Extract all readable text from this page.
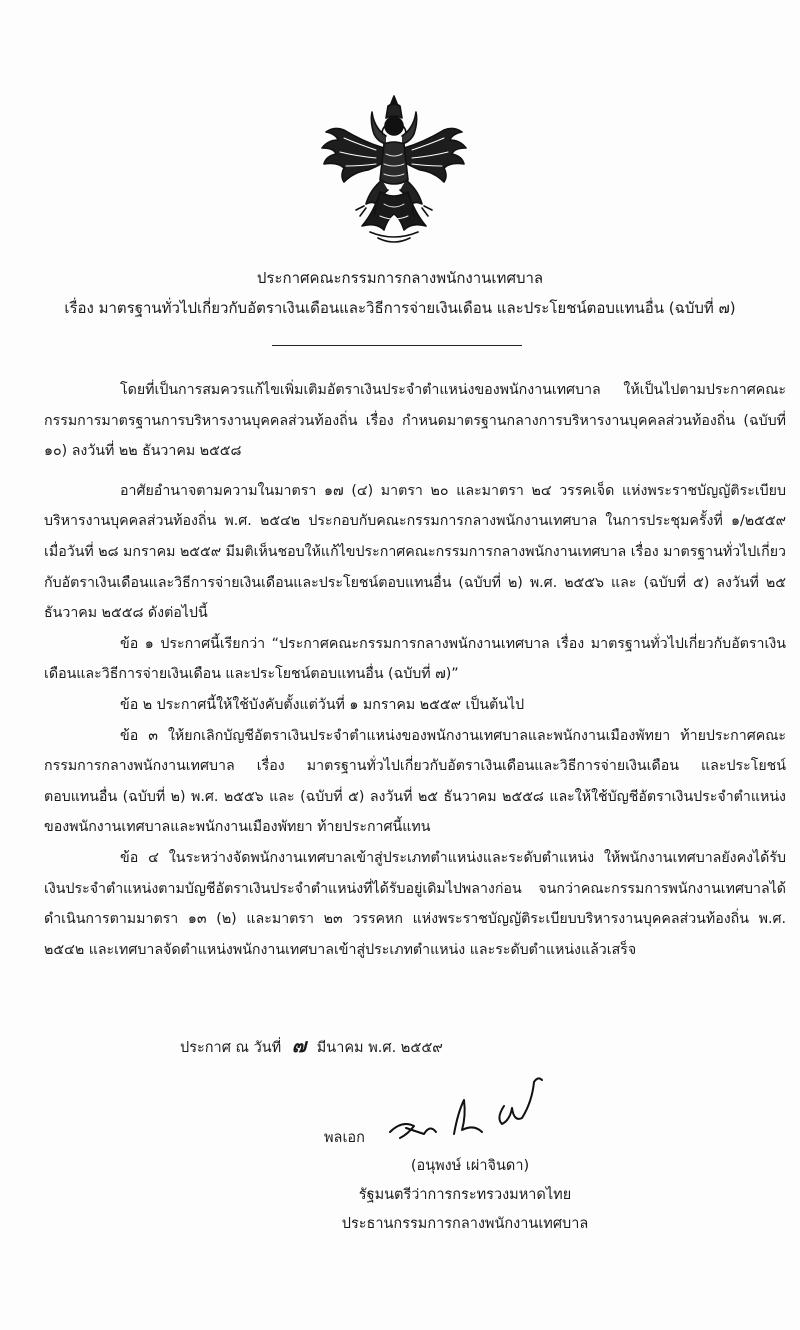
ประกาศคณะกรรมการกลางพนักงานเทศบาล
เรื่อง มาตรฐานทั่วไปเกี่ยวกับอัตราเงินเดือนและวิธีการจ่ายเงินเดือน และประโยชน์ตอบแทนอื่น (ฉบับที่ ๗)

โดยที่เป็นการสมควรแก้ไขเพิ่มเติมอัตราเงินประจำตำแหน่งของพนักงานเทศบาล ให้เป็นไปตามประกาศคณะกรรมการมาตรฐานการบริหารงานบุคคลส่วนท้องถิ่น เรื่อง กำหนดมาตรฐานกลางการบริหารงานบุคคลส่วนท้องถิ่น (ฉบับที่ ๑๐) ลงวันที่ ๒๒ ธันวาคม ๒๕๕๘

อาศัยอำนาจตามความในมาตรา ๑๗ (๔) มาตรา ๒๐ และมาตรา ๒๔ วรรคเจ็ด แห่งพระราชบัญญัติระเบียบบริหารงานบุคคลส่วนท้องถิ่น พ.ศ. ๒๕๔๒ ประกอบกับคณะกรรมการกลางพนักงานเทศบาล ในการประชุมครั้งที่ ๑/๒๕๕๙ เมื่อวันที่ ๒๘ มกราคม ๒๕๕๙ มีมติเห็นชอบให้แก้ไขประกาศคณะกรรมการกลางพนักงานเทศบาล เรื่อง มาตรฐานทั่วไปเกี่ยวกับอัตราเงินเดือนและวิธีการจ่ายเงินเดือนและประโยชน์ตอบแทนอื่น (ฉบับที่ ๒) พ.ศ. ๒๕๕๖ และ (ฉบับที่ ๕) ลงวันที่ ๒๕ ธันวาคม ๒๕๕๘ ดังต่อไปนี้

ข้อ ๑ ประกาศนี้เรียกว่า “ประกาศคณะกรรมการกลางพนักงานเทศบาล เรื่อง มาตรฐานทั่วไปเกี่ยวกับอัตราเงินเดือนและวิธีการจ่ายเงินเดือน และประโยชน์ตอบแทนอื่น (ฉบับที่ ๗)”

ข้อ ๒ ประกาศนี้ให้ใช้บังคับตั้งแต่วันที่ ๑ มกราคม ๒๕๕๙ เป็นต้นไป

ข้อ ๓ ให้ยกเลิกบัญชีอัตราเงินประจำตำแหน่งของพนักงานเทศบาลและพนักงานเมืองพัทยา ท้ายประกาศคณะกรรมการกลางพนักงานเทศบาล เรื่อง มาตรฐานทั่วไปเกี่ยวกับอัตราเงินเดือนและวิธีการจ่ายเงินเดือน และประโยชน์ตอบแทนอื่น (ฉบับที่ ๒) พ.ศ. ๒๕๕๖ และ (ฉบับที่ ๕) ลงวันที่ ๒๕ ธันวาคม ๒๕๕๘ และให้ใช้บัญชีอัตราเงินประจำตำแหน่งของพนักงานเทศบาลและพนักงานเมืองพัทยา ท้ายประกาศนี้แทน

ข้อ ๔ ในระหว่างจัดพนักงานเทศบาลเข้าสู่ประเภทตำแหน่งและระดับตำแหน่ง ให้พนักงานเทศบาลยังคงได้รับเงินประจำตำแหน่งตามบัญชีอัตราเงินประจำตำแหน่งที่ได้รับอยู่เดิมไปพลางก่อน จนกว่าคณะกรรมการพนักงานเทศบาลได้ดำเนินการตามมาตรา ๑๓ (๒) และมาตรา ๒๓ วรรคหก แห่งพระราชบัญญัติระเบียบบริหารงานบุคคลส่วนท้องถิ่น พ.ศ. ๒๕๔๒ และเทศบาลจัดตำแหน่งพนักงานเทศบาลเข้าสู่ประเภทตำแหน่ง และระดับตำแหน่งแล้วเสร็จ

ประกาศ ณ วันที่ ๗ มีนาคม พ.ศ. ๒๕๕๙
พลเอก
(อนุพงษ์ เผ่าจินดา)
รัฐมนตรีว่าการกระทรวงมหาดไทย
ประธานกรรมการกลางพนักงานเทศบาล
